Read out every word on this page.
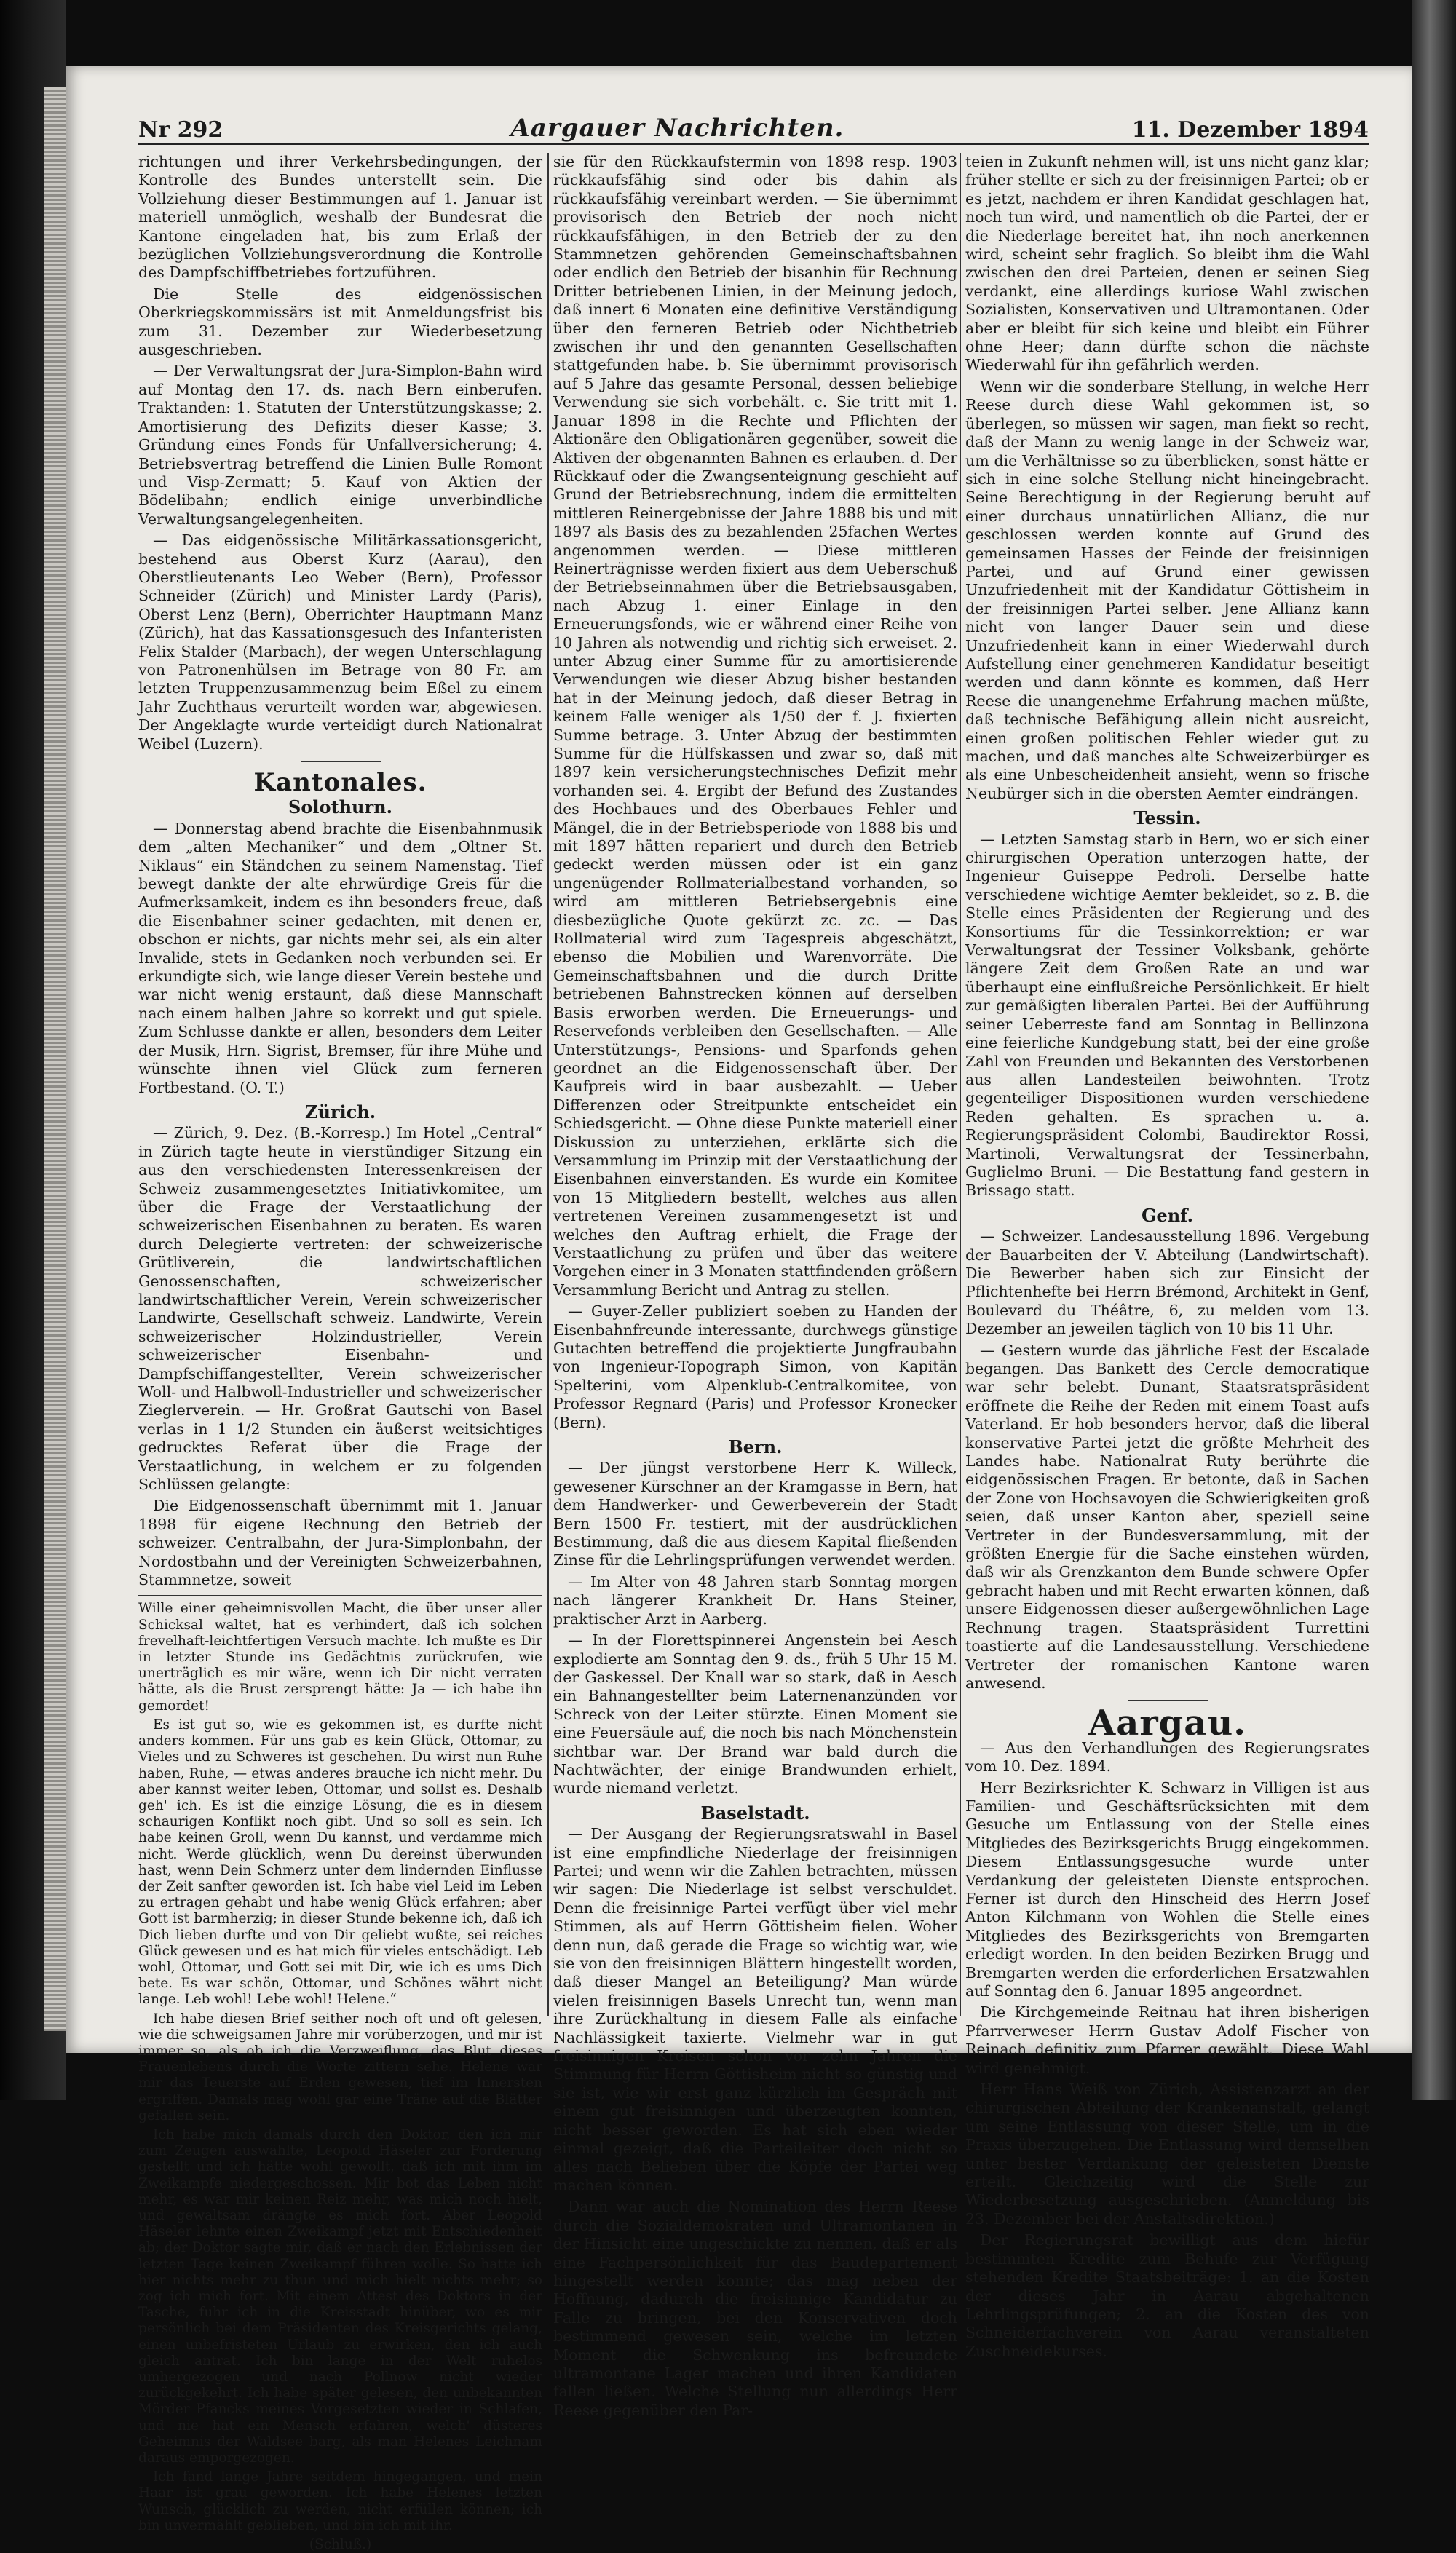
Nr 292	Aargauer Nachrichten.	11. Dezember 1894

richtungen und ihrer Verkehrsbedingungen, der Kontrolle des Bundes unterstellt sein. Die Vollziehung dieser Bestimmungen auf 1. Januar ist materiell unmöglich, weshalb der Bundesrat die Kantone eingeladen hat, bis zum Erlaß der bezüglichen Vollziehungsverordnung die Kontrolle des Dampfschiffbetriebes fortzuführen.

Die Stelle des eidgenössischen Oberkriegskommissärs ist mit Anmeldungsfrist bis zum 31. Dezember zur Wiederbesetzung ausgeschrieben.

— Der Verwaltungsrat der Jura-Simplon-Bahn wird auf Montag den 17. ds. nach Bern einberufen. Traktanden: 1. Statuten der Unterstützungskasse; 2. Amortisierung des Defizits dieser Kasse; 3. Gründung eines Fonds für Unfallversicherung; 4. Betriebsvertrag betreffend die Linien Bulle Romont und Visp-Zermatt; 5. Kauf von Aktien der Bödelibahn; endlich einige unverbindliche Verwaltungsangelegenheiten.

— Das eidgenössische Militärkassationsgericht, bestehend aus Oberst Kurz (Aarau), den Oberstlieutenants Leo Weber (Bern), Professor Schneider (Zürich) und Minister Lardy (Paris), Oberst Lenz (Bern), Oberrichter Hauptmann Manz (Zürich), hat das Kassationsgesuch des Infanteristen Felix Stalder (Marbach), der wegen Unterschlagung von Patronenhülsen im Betrage von 80 Fr. am letzten Truppenzusammenzug beim Eßel zu einem Jahr Zuchthaus verurteilt worden war, abgewiesen. Der Angeklagte wurde verteidigt durch Nationalrat Weibel (Luzern).

Kantonales.
Solothurn.

— Donnerstag abend brachte die Eisenbahnmusik dem „alten Mechaniker“ und dem „Oltner St. Niklaus“ ein Ständchen zu seinem Namenstag. Tief bewegt dankte der alte ehrwürdige Greis für die Aufmerksamkeit, indem es ihn besonders freue, daß die Eisenbahner seiner gedachten, mit denen er, obschon er nichts, gar nichts mehr sei, als ein alter Invalide, stets in Gedanken noch verbunden sei. Er erkundigte sich, wie lange dieser Verein bestehe und war nicht wenig erstaunt, daß diese Mannschaft nach einem halben Jahre so korrekt und gut spiele. Zum Schlusse dankte er allen, besonders dem Leiter der Musik, Hrn. Sigrist, Bremser, für ihre Mühe und wünschte ihnen viel Glück zum ferneren Fortbestand. (O. T.)

Zürich.

— Zürich, 9. Dez. (B.-Korresp.) Im Hotel „Central“ in Zürich tagte heute in vierstündiger Sitzung ein aus den verschiedensten Interessenkreisen der Schweiz zusammengesetztes Initiativkomitee, um über die Frage der Verstaatlichung der schweizerischen Eisenbahnen zu beraten. Es waren durch Delegierte vertreten: der schweizerische Grütliverein, die landwirtschaftlichen Genossenschaften, schweizerischer landwirtschaftlicher Verein, Verein schweizerischer Landwirte, Gesellschaft schweiz. Landwirte, Verein schweizerischer Holzindustrieller, Verein schweizerischer Eisenbahn- und Dampfschiffangestellter, Verein schweizerischer Woll- und Halbwoll-Industrieller und schweizerischer Zieglerverein. — Hr. Großrat Gautschi von Basel verlas in 1 1/2 Stunden ein äußerst weitsichtiges gedrucktes Referat über die Frage der Verstaatlichung, in welchem er zu folgenden Schlüssen gelangte:

Die Eidgenossenschaft übernimmt mit 1. Januar 1898 für eigene Rechnung den Betrieb der schweizer. Centralbahn, der Jura-Simplonbahn, der Nordostbahn und der Vereinigten Schweizerbahnen, Stammnetze, soweit

Wille einer geheimnisvollen Macht, die über unser aller Schicksal waltet, hat es verhindert, daß ich solchen frevelhaft-leichtfertigen Versuch machte. Ich mußte es Dir in letzter Stunde ins Gedächtnis zurückrufen, wie unerträglich es mir wäre, wenn ich Dir nicht verraten hätte, als die Brust zersprengt hätte: Ja — ich habe ihn gemordet!

Es ist gut so, wie es gekommen ist, es durfte nicht anders kommen. Für uns gab es kein Glück, Ottomar, zu Vieles und zu Schweres ist geschehen. Du wirst nun Ruhe haben, Ruhe, — etwas anderes brauche ich nicht mehr. Du aber kannst weiter leben, Ottomar, und sollst es. Deshalb geh' ich. Es ist die einzige Lösung, die es in diesem schaurigen Konflikt noch gibt. Und so soll es sein. Ich habe keinen Groll, wenn Du kannst, und verdamme mich nicht. Werde glücklich, wenn Du dereinst überwunden hast, wenn Dein Schmerz unter dem lindernden Einflusse der Zeit sanfter geworden ist. Ich habe viel Leid im Leben zu ertragen gehabt und habe wenig Glück erfahren; aber Gott ist barmherzig; in dieser Stunde bekenne ich, daß ich Dich lieben durfte und von Dir geliebt wußte, sei reiches Glück gewesen und es hat mich für vieles entschädigt. Leb wohl, Ottomar, und Gott sei mit Dir, wie ich es ums Dich bete. Es war schön, Ottomar, und Schönes währt nicht lange. Leb wohl! Lebe wohl! Helene.“

Ich habe diesen Brief seither noch oft und oft gelesen, wie die schweigsamen Jahre mir vorüberzogen, und mir ist immer so, als ob ich die Verzweiflung, das Blut dieses Frauenlebens durch die Worte zittern sehe. Helene war mir das Teuerste auf Erden gewesen, tief im Innersten ergriffen. Damals mag wohl gar eine Träne auf die Blätter gefallen sein.

Ich habe mich damals durch den Doktor, den ich mir zum Zeugen auswählte, Leopold Häseler zur Forderung gestellt und ich hätte wohl gewollt, daß ich mit ihm im Zweikampfe niedergeschossen. Mir bot das Leben nicht mehr, es war mir keinen Reiz mehr, was mich noch hielt, und gewaltsam drängte es mich fort. Aber Leopold Häseler lehnte einen Zweikampf jetzt mit Entschiedenheit ab; der Doktor sagte mir, daß er nach den Erlebnissen der letzten Tage keinen Zweikampf führen wolle. So hatte ich hier nichts mehr zu thun und mich hielt nichts mehr; so zog ich mich fort. Mit einem Attest des Doktors in der Tasche, fuhr ich in die Kreisstadt hinüber, wo es mir persönlich bei dem Präsidenten des Kreisgerichts gelang, einen unbefristeten Urlaub zu erwirken, den ich auch gleich antrat. Ich bin lange in der Welt ruhelos umhergezogen und nach Pollnow nicht wieder zurückgekehrt. Ich habe später gelesen, den unbekannten Mörder Pfancks meines Vorgesetzten wieder in Schlafen, und nie hat ein Mensch erfahren, welch' düsteres Geheimnis der Waldsee barg, als man Helenes Leichnam daraus emporgezogen.

Ich fand lange Jahre seitdem hingegangen, und mein Haar ist grau geworden. Ich habe Helenes letzten Wunsch, glücklich zu werden, nicht erfüllen können; ich bin unvermählt geblieben, und bin ich mit ihr.

(Schluß.)

sie für den Rückkaufstermin von 1898 resp. 1903 rückkaufsfähig sind oder bis dahin als rückkaufsfähig vereinbart werden. — Sie übernimmt provisorisch den Betrieb der noch nicht rückkaufsfähigen, in den Betrieb der zu den Stammnetzen gehörenden Gemeinschaftsbahnen oder endlich den Betrieb der bisanhin für Rechnung Dritter betriebenen Linien, in der Meinung jedoch, daß innert 6 Monaten eine definitive Verständigung über den ferneren Betrieb oder Nichtbetrieb zwischen ihr und den genannten Gesellschaften stattgefunden habe. b. Sie übernimmt provisorisch auf 5 Jahre das gesamte Personal, dessen beliebige Verwendung sie sich vorbehält. c. Sie tritt mit 1. Januar 1898 in die Rechte und Pflichten der Aktionäre den Obligationären gegenüber, soweit die Aktiven der obgenannten Bahnen es erlauben. d. Der Rückkauf oder die Zwangsenteignung geschieht auf Grund der Betriebsrechnung, indem die ermittelten mittleren Reinergebnisse der Jahre 1888 bis und mit 1897 als Basis des zu bezahlenden 25fachen Wertes angenommen werden. — Diese mittleren Reinerträgnisse werden fixiert aus dem Ueberschuß der Betriebseinnahmen über die Betriebsausgaben, nach Abzug 1. einer Einlage in den Erneuerungsfonds, wie er während einer Reihe von 10 Jahren als notwendig und richtig sich erweiset. 2. unter Abzug einer Summe für zu amortisierende Verwendungen wie dieser Abzug bisher bestanden hat in der Meinung jedoch, daß dieser Betrag in keinem Falle weniger als 1/50 der f. J. fixierten Summe betrage. 3. Unter Abzug der bestimmten Summe für die Hülfskassen und zwar so, daß mit 1897 kein versicherungstechnisches Defizit mehr vorhanden sei. 4. Ergibt der Befund des Zustandes des Hochbaues und des Oberbaues Fehler und Mängel, die in der Betriebsperiode von 1888 bis und mit 1897 hätten repariert und durch den Betrieb gedeckt werden müssen oder ist ein ganz ungenügender Rollmaterialbestand vorhanden, so wird am mittleren Betriebsergebnis eine diesbezügliche Quote gekürzt zc. zc. — Das Rollmaterial wird zum Tagespreis abgeschätzt, ebenso die Mobilien und Warenvorräte. Die Gemeinschaftsbahnen und die durch Dritte betriebenen Bahnstrecken können auf derselben Basis erworben werden. Die Erneuerungs- und Reservefonds verbleiben den Gesellschaften. — Alle Unterstützungs-, Pensions- und Sparfonds gehen geordnet an die Eidgenossenschaft über. Der Kaufpreis wird in baar ausbezahlt. — Ueber Differenzen oder Streitpunkte entscheidet ein Schiedsgericht. — Ohne diese Punkte materiell einer Diskussion zu unterziehen, erklärte sich die Versammlung im Prinzip mit der Verstaatlichung der Eisenbahnen einverstanden. Es wurde ein Komitee von 15 Mitgliedern bestellt, welches aus allen vertretenen Vereinen zusammengesetzt ist und welches den Auftrag erhielt, die Frage der Verstaatlichung zu prüfen und über das weitere Vorgehen einer in 3 Monaten stattfindenden größern Versammlung Bericht und Antrag zu stellen.

— Guyer-Zeller publiziert soeben zu Handen der Eisenbahnfreunde interessante, durchwegs günstige Gutachten betreffend die projektierte Jungfraubahn von Ingenieur-Topograph Simon, von Kapitän Spelterini, vom Alpenklub-Centralkomitee, von Professor Regnard (Paris) und Professor Kronecker (Bern).

Bern.

— Der jüngst verstorbene Herr K. Willeck, gewesener Kürschner an der Kramgasse in Bern, hat dem Handwerker- und Gewerbeverein der Stadt Bern 1500 Fr. testiert, mit der ausdrücklichen Bestimmung, daß die aus diesem Kapital fließenden Zinse für die Lehrlingsprüfungen verwendet werden.

— Im Alter von 48 Jahren starb Sonntag morgen nach längerer Krankheit Dr. Hans Steiner, praktischer Arzt in Aarberg.

— In der Florettspinnerei Angenstein bei Aesch explodierte am Sonntag den 9. ds., früh 5 Uhr 15 M. der Gaskessel. Der Knall war so stark, daß in Aesch ein Bahnangestellter beim Laternenanzünden vor Schreck von der Leiter stürzte. Einen Moment sie eine Feuersäule auf, die noch bis nach Mönchenstein sichtbar war. Der Brand war bald durch die Nachtwächter, der einige Brandwunden erhielt, wurde niemand verletzt.

Baselstadt.

— Der Ausgang der Regierungsratswahl in Basel ist eine empfindliche Niederlage der freisinnigen Partei; und wenn wir die Zahlen betrachten, müssen wir sagen: Die Niederlage ist selbst verschuldet. Denn die freisinnige Partei verfügt über viel mehr Stimmen, als auf Herrn Göttisheim fielen. Woher denn nun, daß gerade die Frage so wichtig war, wie sie von den freisinnigen Blättern hingestellt worden, daß dieser Mangel an Beteiligung? Man würde vielen freisinnigen Basels Unrecht tun, wenn man ihre Zurückhaltung in diesem Falle als einfache Nachlässigkeit taxierte. Vielmehr war in gut freisinnigen Kreisen schon vor zehn Jahren die Stimmung für Herrn Göttisheim nicht so günstig und sie ist, wie wir erst ganz kürzlich im Gespräch mit einem gut freisinnigen und überzeugten konnten, nicht besser geworden. Es hat sich eben wieder einmal gezeigt, daß die Parteileiter doch nicht so alles nach Belieben über die Köpfe der Partei weg machen können.

Dann war auch die Nomination des Herrn Reese durch die Sozialdemokraten und Ultramontanen in der Hinsicht eine ungeschickte zu nennen, daß er als eine Fachpersönlichkeit für das Baudepartement hingestellt werden konnte; das mag neben der Hoffnung, dadurch die freisinnige Kandidatur zu Falle zu bringen, bei den Konservativen doch bestimmend gewesen sein, welche im letzten Moment die Schwenkung ins befreundete ultramontane Lager machen und ihren Kandidaten fallen ließen. Welche Stellung nun allerdings Herr Reese gegenüber den Par-

teien in Zukunft nehmen will, ist uns nicht ganz klar; früher stellte er sich zu der freisinnigen Partei; ob er es jetzt, nachdem er ihren Kandidat geschlagen hat, noch tun wird, und namentlich ob die Partei, der er die Niederlage bereitet hat, ihn noch anerkennen wird, scheint sehr fraglich. So bleibt ihm die Wahl zwischen den drei Parteien, denen er seinen Sieg verdankt, eine allerdings kuriose Wahl zwischen Sozialisten, Konservativen und Ultramontanen. Oder aber er bleibt für sich keine und bleibt ein Führer ohne Heer; dann dürfte schon die nächste Wiederwahl für ihn gefährlich werden.

Wenn wir die sonderbare Stellung, in welche Herr Reese durch diese Wahl gekommen ist, so überlegen, so müssen wir sagen, man fiekt so recht, daß der Mann zu wenig lange in der Schweiz war, um die Verhältnisse so zu überblicken, sonst hätte er sich in eine solche Stellung nicht hineingebracht. Seine Berechtigung in der Regierung beruht auf einer durchaus unnatürlichen Allianz, die nur geschlossen werden konnte auf Grund des gemeinsamen Hasses der Feinde der freisinnigen Partei, und auf Grund einer gewissen Unzufriedenheit mit der Kandidatur Göttisheim in der freisinnigen Partei selber. Jene Allianz kann nicht von langer Dauer sein und diese Unzufriedenheit kann in einer Wiederwahl durch Aufstellung einer genehmeren Kandidatur beseitigt werden und dann könnte es kommen, daß Herr Reese die unangenehme Erfahrung machen müßte, daß technische Befähigung allein nicht ausreicht, einen großen politischen Fehler wieder gut zu machen, und daß manches alte Schweizerbürger es als eine Unbescheidenheit ansieht, wenn so frische Neubürger sich in die obersten Aemter eindrängen.

Tessin.

— Letzten Samstag starb in Bern, wo er sich einer chirurgischen Operation unterzogen hatte, der Ingenieur Guiseppe Pedroli. Derselbe hatte verschiedene wichtige Aemter bekleidet, so z. B. die Stelle eines Präsidenten der Regierung und des Konsortiums für die Tessinkorrektion; er war Verwaltungsrat der Tessiner Volksbank, gehörte längere Zeit dem Großen Rate an und war überhaupt eine einflußreiche Persönlichkeit. Er hielt zur gemäßigten liberalen Partei. Bei der Aufführung seiner Ueberreste fand am Sonntag in Bellinzona eine feierliche Kundgebung statt, bei der eine große Zahl von Freunden und Bekannten des Verstorbenen aus allen Landesteilen beiwohnten. Trotz gegenteiliger Dispositionen wurden verschiedene Reden gehalten. Es sprachen u. a. Regierungspräsident Colombi, Baudirektor Rossi, Martinoli, Verwaltungsrat der Tessinerbahn, Guglielmo Bruni. — Die Bestattung fand gestern in Brissago statt.

Genf.

— Schweizer. Landesausstellung 1896. Vergebung der Bauarbeiten der V. Abteilung (Landwirtschaft). Die Bewerber haben sich zur Einsicht der Pflichtenhefte bei Herrn Brémond, Architekt in Genf, Boulevard du Théâtre, 6, zu melden vom 13. Dezember an jeweilen täglich von 10 bis 11 Uhr.

— Gestern wurde das jährliche Fest der Escalade begangen. Das Bankett des Cercle democratique war sehr belebt. Dunant, Staatsratspräsident eröffnete die Reihe der Reden mit einem Toast aufs Vaterland. Er hob besonders hervor, daß die liberal konservative Partei jetzt die größte Mehrheit des Landes habe. Nationalrat Ruty berührte die eidgenössischen Fragen. Er betonte, daß in Sachen der Zone von Hochsavoyen die Schwierigkeiten groß seien, daß unser Kanton aber, speziell seine Vertreter in der Bundesversammlung, mit der größten Energie für die Sache einstehen würden, daß wir als Grenzkanton dem Bunde schwere Opfer gebracht haben und mit Recht erwarten können, daß unsere Eidgenossen dieser außergewöhnlichen Lage Rechnung tragen. Staatspräsident Turrettini toastierte auf die Landesausstellung. Verschiedene Vertreter der romanischen Kantone waren anwesend.

Aargau.

— Aus den Verhandlungen des Regierungsrates vom 10. Dez. 1894.

Herr Bezirksrichter K. Schwarz in Villigen ist aus Familien- und Geschäftsrücksichten mit dem Gesuche um Entlassung von der Stelle eines Mitgliedes des Bezirksgerichts Brugg eingekommen. Diesem Entlassungsgesuche wurde unter Verdankung der geleisteten Dienste entsprochen. Ferner ist durch den Hinscheid des Herrn Josef Anton Kilchmann von Wohlen die Stelle eines Mitgliedes des Bezirksgerichts von Bremgarten erledigt worden. In den beiden Bezirken Brugg und Bremgarten werden die erforderlichen Ersatzwahlen auf Sonntag den 6. Januar 1895 angeordnet.

Die Kirchgemeinde Reitnau hat ihren bisherigen Pfarrverweser Herrn Gustav Adolf Fischer von Reinach definitiv zum Pfarrer gewählt. Diese Wahl wird genehmigt.

Herr Hans Weiß von Zürich, Assistenzarzt an der chirurgischen Abteilung der Krankenanstalt, gelangt um seine Entlassung von dieser Stelle, um in die Praxis überzugehen. Die Entlassung wird demselben unter bester Verdankung der geleisteten Dienste erteilt. Gleichzeitig wird die Stelle zur Wiederbesetzung ausgeschrieben. (Anmeldung bis 23. Dezember bei der Anstaltsdirektion.)

Der Regierungsrat bewilligt aus dem hiefür bestimmten Kredite zum Behufe zur Verfügung stehenden Kredite Staatsbeiträge: 1. an die Kosten der dieses Jahr in Aarau abgehaltenen Lehrlingsprüfungen; 2. an die Kosten des von Schneiderfachverein von Aarau veranstalteten Zuschneidekurses.
